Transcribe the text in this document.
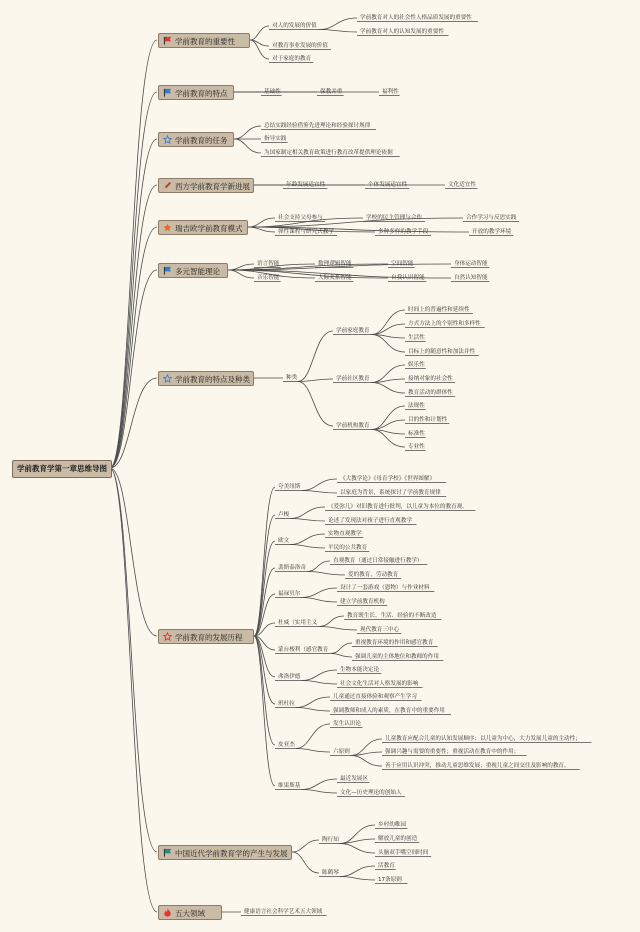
学前教育学第一章思维导图
学前教育的重要性
对人的发展的价值
学前教育对人的社会性人格品质发展的重要性
学前教育对人的认知发展的重要性
对教育事业发展的价值
对于家庭的教育
学前教育的特点	基础性	保教并重	福利性
学前教育的任务
总结实践经验借鉴先进理论和经验探讨规律
指导实践
为国家制定相关教育政策进行教育改革提供理论依据
西方学前教育学新进展	年龄发展适宜性	个体发展适宜性	文化适宜性
瑞吉欧学前教育模式
社会支持父母参与	学校的民主管理与合作	合作学习与反思实践
弹性课程与研究式教学	多种多样的教学手段	开放的教学环境
多元智能理论
语言智能	数理逻辑智能	空间智能	身体运动智能
音乐智能	人际关系智能	自我认识智能	自然认知智能
学前教育的特点及种类	种类
学前家庭教育
时间上的普遍性和延续性
方式方法上的个别性和多样性
生活性
目标上的随意性和加法并性
学前社区教育
娱乐性
接纳对象的社会性
教育活动的群体性
学前机构教育
法规性
目的性和计划性
标准性
专业性
学前教育的发展历程
夸美纽斯
《大教学论》《母育学校》《世界图解》
以家庭为背景，系统探讨了学前教育规律
卢梭
《爱弥儿》对旧教育进行批判，以儿童为本位的教育观。
论述了发现法对孩子进行直观教学
欧文
实物直观教学
平民的公共教育
裴斯泰洛奇
直观教育（通过日常接触进行教学）
爱的教育，劳动教育
福禄贝尔
设计了一套游戏（恩物）与作业材料
建立学前教育机构
杜威（实用主义
教育既生长、生活、经验的不断改造
现代教育三中心
蒙台梭利（感官教育
重视教育环境的作用和感官教育
强调儿童的主体地位和教师的作用
弗洛伊德
生物本能决定论
社会文化生活对人格发展的影响
班杜拉
儿童通过直接体验和观察产生学习
强调教师和成人的素质，在教育中的重要作用
皮亚杰
发生认识论
六原则
儿童教育应配合儿童的认知发展顺序；以儿童为中心，大力发展儿童的主动性；
强调兴趣与需要的重要性；重视活动在教育中的作用；
善于应用认识冲突，推动儿童思维发展；重视儿童之间交往及影响的教育。
维果斯基
最近发展区
文化—历史理论的创始人
中国近代学前教育学的产生与发展
陶行知
乡村幼稚园
解放儿童的创造
头脑双手嘴空间时间
陈鹤琴
活教育
17条原则
五大领域	健康语言社会科学艺术五大领域
